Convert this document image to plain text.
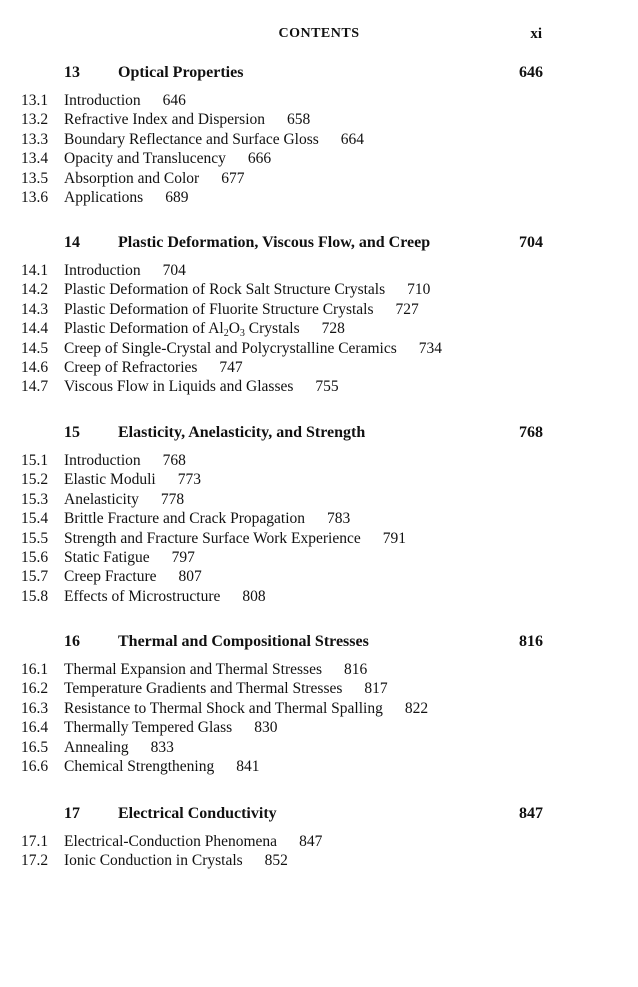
CONTENTS	xi
13 Optical Properties	646
13.1 Introduction 646
13.2 Refractive Index and Dispersion 658
13.3 Boundary Reflectance and Surface Gloss 664
13.4 Opacity and Translucency 666
13.5 Absorption and Color 677
13.6 Applications 689
14 Plastic Deformation, Viscous Flow, and Creep	704
14.1 Introduction 704
14.2 Plastic Deformation of Rock Salt Structure Crystals 710
14.3 Plastic Deformation of Fluorite Structure Crystals 727
14.4 Plastic Deformation of $Al_2O_3$ Crystals 728
14.5 Creep of Single-Crystal and Polycrystalline Ceramics 734
14.6 Creep of Refractories 747
14.7 Viscous Flow in Liquids and Glasses 755
15 Elasticity, Anelasticity, and Strength	768
15.1 Introduction 768
15.2 Elastic Moduli 773
15.3 Anelasticity 778
15.4 Brittle Fracture and Crack Propagation 783
15.5 Strength and Fracture Surface Work Experience 791
15.6 Static Fatigue 797
15.7 Creep Fracture 807
15.8 Effects of Microstructure 808
16 Thermal and Compositional Stresses	816
16.1 Thermal Expansion and Thermal Stresses 816
16.2 Temperature Gradients and Thermal Stresses 817
16.3 Resistance to Thermal Shock and Thermal Spalling 822
16.4 Thermally Tempered Glass 830
16.5 Annealing 833
16.6 Chemical Strengthening 841
17 Electrical Conductivity	847
17.1 Electrical-Conduction Phenomena 847
17.2 Ionic Conduction in Crystals 852
